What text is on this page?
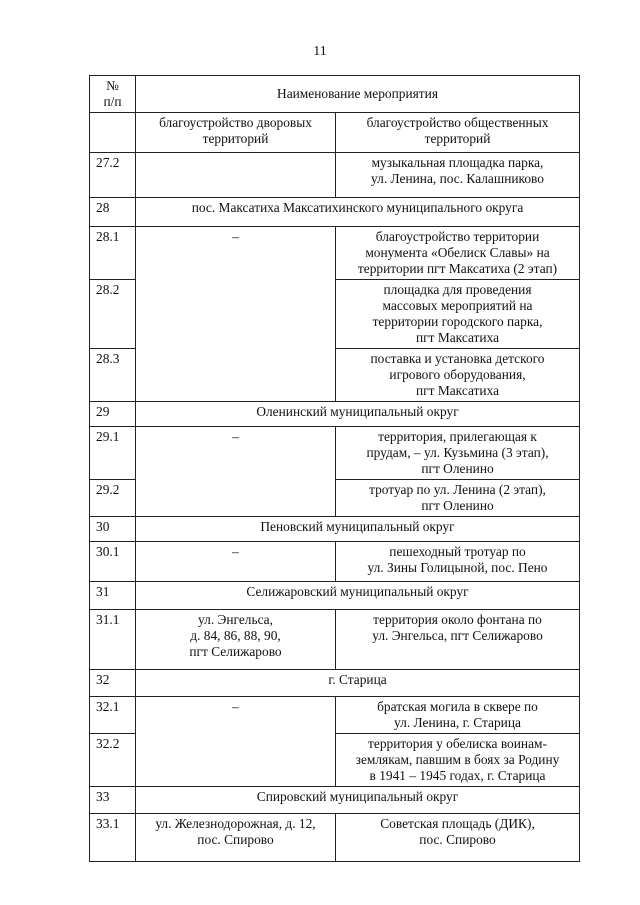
11
№
п/п	Наименование мероприятия	
	благоустройство дворовых
территорий	благоустройство общественных
территорий
27.2		музыкальная площадка парка,
ул. Ленина, пос. Калашниково
28	пос. Максатиха Максатихинского муниципального округа	
28.1	–	благоустройство территории
монумента «Обелиск Славы» на
территории пгт Максатиха (2 этап)
28.2		площадка для проведения
массовых мероприятий на
территории городского парка,
пгт Максатиха
28.3		поставка и установка детского
игрового оборудования,
пгт Максатиха
29	Оленинский муниципальный округ	
29.1	–	территория, прилегающая к
прудам, – ул. Кузьмина (3 этап),
пгт Оленино
29.2		тротуар по ул. Ленина (2 этап),
пгт Оленино
30	Пеновский муниципальный округ	
30.1	–	пешеходный тротуар по
ул. Зины Голицыной, пос. Пено
31	Селижаровский муниципальный округ	
31.1	ул. Энгельса,
д. 84, 86, 88, 90,
пгт Селижарово	территория около фонтана по
ул. Энгельса, пгт Селижарово
32	г. Старица	
32.1	–	братская могила в сквере по
ул. Ленина, г. Старица
32.2		территория у обелиска воинам-
землякам, павшим в боях за Родину
в 1941 – 1945 годах, г. Старица
33	Спировский муниципальный округ	
33.1	ул. Железнодорожная, д. 12,
пос. Спирово	Советская площадь (ДИК),
пос. Спирово
